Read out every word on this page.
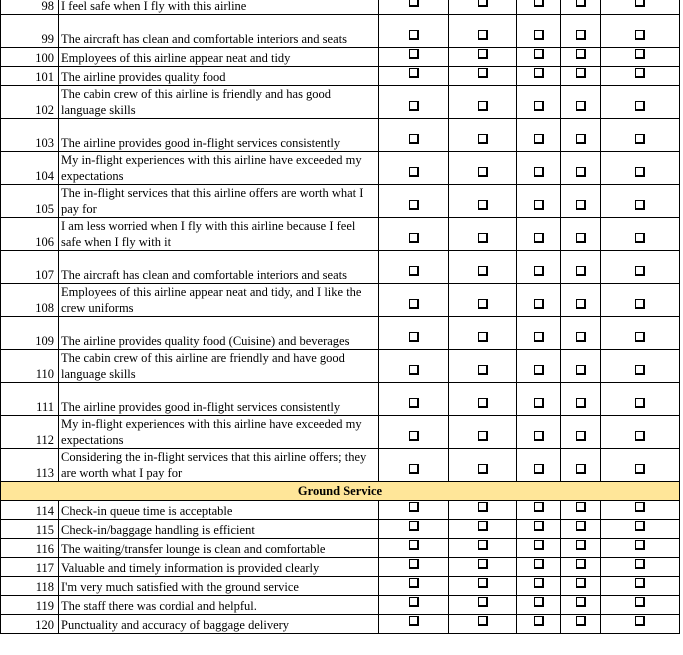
98	I feel safe when I fly with this airline					
99	The aircraft has clean and comfortable interiors and seats					
100	Employees of this airline appear neat and tidy					
101	The airline provides quality food					
102	The cabin crew of this airline is friendly and has good language skills					
103	The airline provides good in-flight services consistently					
104	My in-flight experiences with this airline have exceeded my expectations					
105	The in-flight services that this airline offers are worth what I pay for					
106	I am less worried when I fly with this airline because I feel safe when I fly with it					
107	The aircraft has clean and comfortable interiors and seats					
108	Employees of this airline appear neat and tidy, and I like the crew uniforms					
109	The airline provides quality food (Cuisine) and beverages					
110	The cabin crew of this airline are friendly and have good language skills					
111	The airline provides good in-flight services consistently					
112	My in-flight experiences with this airline have exceeded my expectations					
113	Considering the in-flight services that this airline offers; they are worth what I pay for					
Ground Service						
114	Check-in queue time is acceptable					
115	Check-in/baggage handling is efficient					
116	The waiting/transfer lounge is clean and comfortable					
117	Valuable and timely information is provided clearly					
118	I'm very much satisfied with the ground service					
119	The staff there was cordial and helpful.					
120	Punctuality and accuracy of baggage delivery					
